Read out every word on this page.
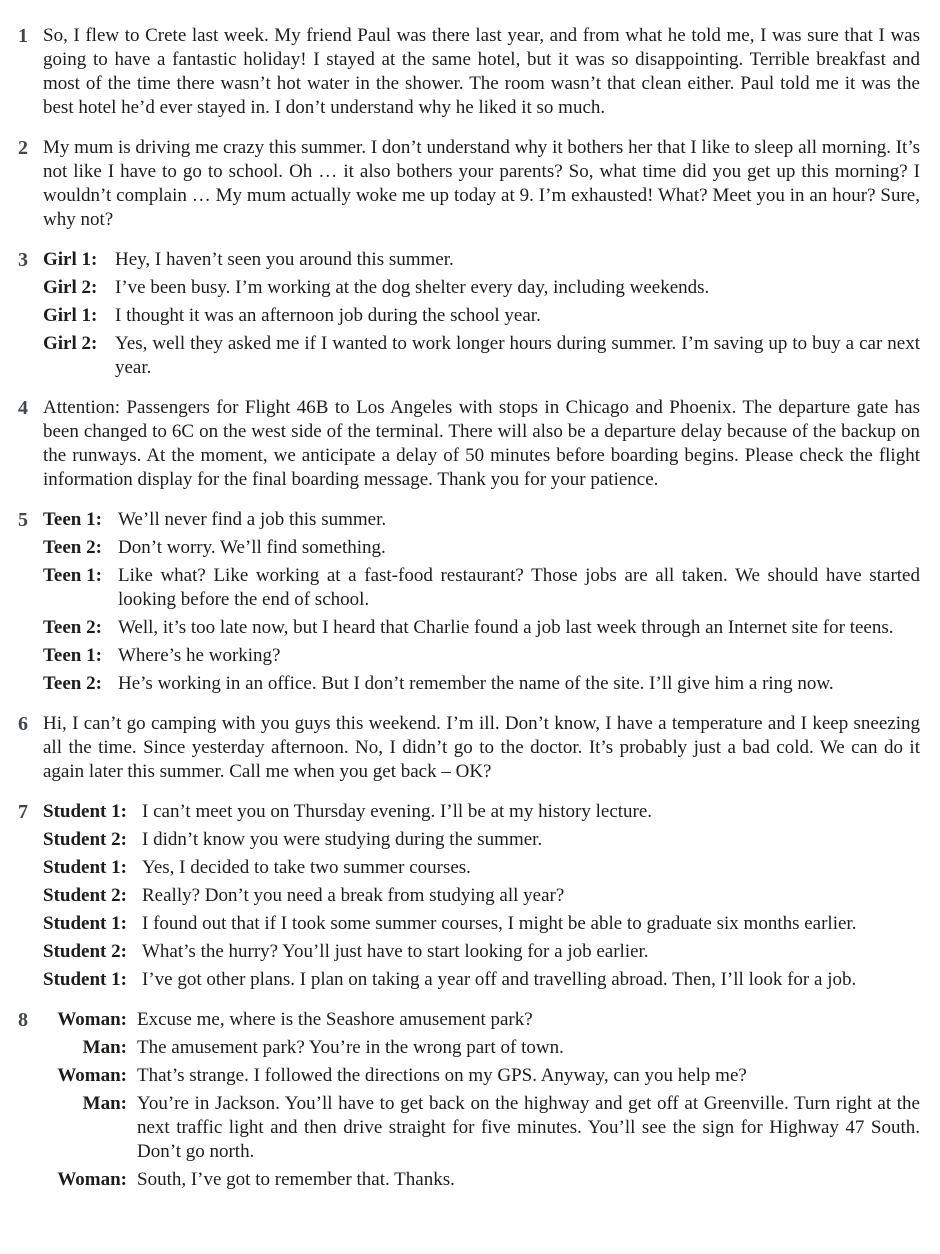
1 So, I flew to Crete last week. My friend Paul was there last year, and from what he told me, I was sure that I was going to have a fantastic holiday! I stayed at the same hotel, but it was so disappointing. Terrible breakfast and most of the time there wasn’t hot water in the shower. The room wasn’t that clean either. Paul told me it was the best hotel he’d ever stayed in. I don’t understand why he liked it so much.
2 My mum is driving me crazy this summer. I don’t understand why it bothers her that I like to sleep all morning. It’s not like I have to go to school. Oh … it also bothers your parents? So, what time did you get up this morning? I wouldn’t complain … My mum actually woke me up today at 9. I’m exhausted! What? Meet you in an hour? Sure, why not?
3 Girl 1: Hey, I haven’t seen you around this summer.
Girl 2: I’ve been busy. I’m working at the dog shelter every day, including weekends.
Girl 1: I thought it was an afternoon job during the school year.
Girl 2: Yes, well they asked me if I wanted to work longer hours during summer. I’m saving up to buy a car next year.
4 Attention: Passengers for Flight 46B to Los Angeles with stops in Chicago and Phoenix. The departure gate has been changed to 6C on the west side of the terminal. There will also be a departure delay because of the backup on the runways. At the moment, we anticipate a delay of 50 minutes before boarding begins. Please check the flight information display for the final boarding message. Thank you for your patience.
5 Teen 1: We’ll never find a job this summer.
Teen 2: Don’t worry. We’ll find something.
Teen 1: Like what? Like working at a fast-food restaurant? Those jobs are all taken. We should have started looking before the end of school.
Teen 2: Well, it’s too late now, but I heard that Charlie found a job last week through an Internet site for teens.
Teen 1: Where’s he working?
Teen 2: He’s working in an office. But I don’t remember the name of the site. I’ll give him a ring now.
6 Hi, I can’t go camping with you guys this weekend. I’m ill. Don’t know, I have a temperature and I keep sneezing all the time. Since yesterday afternoon. No, I didn’t go to the doctor. It’s probably just a bad cold. We can do it again later this summer. Call me when you get back – OK?
7 Student 1: I can’t meet you on Thursday evening. I’ll be at my history lecture.
Student 2: I didn’t know you were studying during the summer.
Student 1: Yes, I decided to take two summer courses.
Student 2: Really? Don’t you need a break from studying all year?
Student 1: I found out that if I took some summer courses, I might be able to graduate six months earlier.
Student 2: What’s the hurry? You’ll just have to start looking for a job earlier.
Student 1: I’ve got other plans. I plan on taking a year off and travelling abroad. Then, I’ll look for a job.
8	Woman: Excuse me, where is the Seashore amusement park?
Man: The amusement park? You’re in the wrong part of town.
Woman: That’s strange. I followed the directions on my GPS. Anyway, can you help me?
Man: You’re in Jackson. You’ll have to get back on the highway and get off at Greenville. Turn right at the next traffic light and then drive straight for five minutes. You’ll see the sign for Highway 47 South. Don’t go north.
Woman: South, I’ve got to remember that. Thanks.
